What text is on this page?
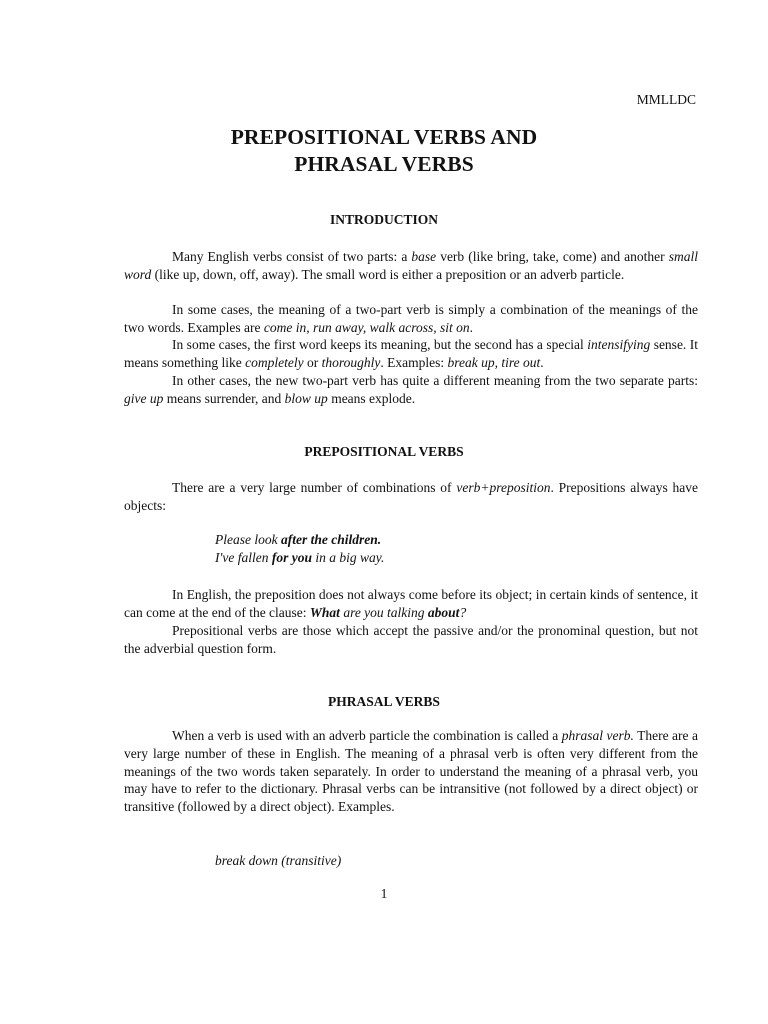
MMLLDC
PREPOSITIONAL VERBS AND
PHRASAL VERBS
INTRODUCTION

Many English verbs consist of two parts: a base verb (like bring, take, come) and another small word (like up, down, off, away). The small word is either a preposition or an adverb particle.

In some cases, the meaning of a two-part verb is simply a combination of the meanings of the two words. Examples are come in, run away, walk across, sit on.

In some cases, the first word keeps its meaning, but the second has a special intensifying sense. It means something like completely or thoroughly. Examples: break up, tire out.

In other cases, the new two-part verb has quite a different meaning from the two separate parts: give up means surrender, and blow up means explode.

PREPOSITIONAL VERBS

There are a very large number of combinations of verb+preposition. Prepositions always have objects:

Please look after the children.
I've fallen for you in a big way.

In English, the preposition does not always come before its object; in certain kinds of sentence, it can come at the end of the clause: What are you talking about?

Prepositional verbs are those which accept the passive and/or the pronominal question, but not the adverbial question form.

PHRASAL VERBS

When a verb is used with an adverb particle the combination is called a phrasal verb. There are a very large number of these in English. The meaning of a phrasal verb is often very different from the meanings of the two words taken separately. In order to understand the meaning of a phrasal verb, you may have to refer to the dictionary. Phrasal verbs can be intransitive (not followed by a direct object) or transitive (followed by a direct object). Examples.

break down (transitive)
1
